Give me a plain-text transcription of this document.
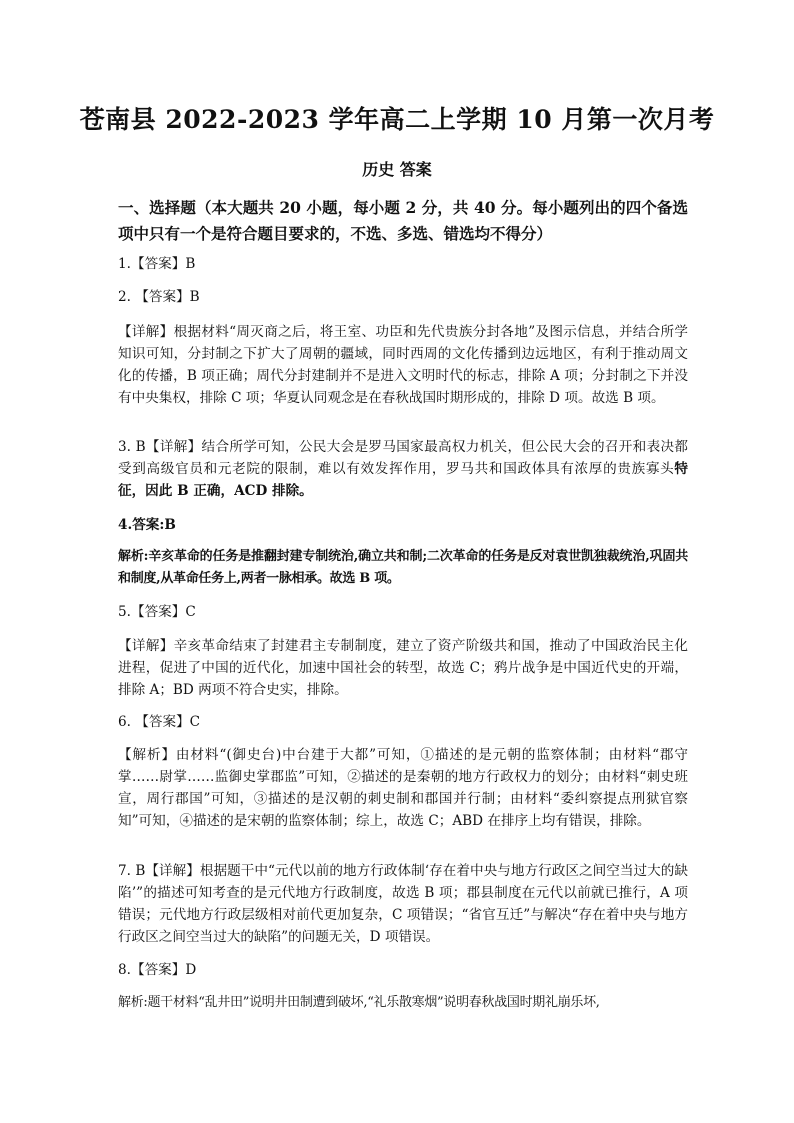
苍南县 2022-2023 学年高二上学期 10 月第一次月考
历史 答案
一、选择题（本大题共 20 小题，每小题 2 分，共 40 分。每小题列出的四个备选项中只有一个是符合题目要求的，不选、多选、错选均不得分）
1.【答案】B
2. 【答案】B
【详解】根据材料“周灭商之后，将王室、功臣和先代贵族分封各地”及图示信息，并结合所学知识可知，分封制之下扩大了周朝的疆域，同时西周的文化传播到边远地区，有利于推动周文化的传播，B 项正确；周代分封建制并不是进入文明时代的标志，排除 A 项；分封制之下并没有中央集权，排除 C 项；华夏认同观念是在春秋战国时期形成的，排除 D 项。故选 B 项。
3. B【详解】结合所学可知，公民大会是罗马国家最高权力机关，但公民大会的召开和表决都受到高级官员和元老院的限制，难以有效发挥作用，罗马共和国政体具有浓厚的贵族寡头特征，因此 B 正确，ACD 排除。
4.答案:B
解析:辛亥革命的任务是推翻封建专制统治,确立共和制;二次革命的任务是反对袁世凯独裁统治,巩固共和制度,从革命任务上,两者一脉相承。故选 B 项。
5.【答案】C
【详解】辛亥革命结束了封建君主专制制度，建立了资产阶级共和国，推动了中国政治民主化进程，促进了中国的近代化，加速中国社会的转型，故选 C；鸦片战争是中国近代史的开端，排除 A；BD 两项不符合史实，排除。
6. 【答案】C
【解析】由材料“(御史台)中台建于大都”可知，①描述的是元朝的监察体制；由材料“郡守掌……尉掌……监御史掌郡监”可知，②描述的是秦朝的地方行政权力的划分；由材料“刺史班宣，周行郡国”可知，③描述的是汉朝的刺史制和郡国并行制；由材料“委纠察提点刑狱官察知”可知，④描述的是宋朝的监察体制；综上，故选 C；ABD 在排序上均有错误，排除。
7. B【详解】根据题干中“元代以前的地方行政体制‘存在着中央与地方行政区之间空当过大的缺陷’”的描述可知考查的是元代地方行政制度，故选 B 项；郡县制度在元代以前就已推行，A 项错误；元代地方行政层级相对前代更加复杂，C 项错误；“省官互迁”与解决“存在着中央与地方行政区之间空当过大的缺陷”的问题无关，D 项错误。
8.【答案】D
解析:题干材料“乱井田”说明井田制遭到破坏,“礼乐散寒烟”说明春秋战国时期礼崩乐坏,
